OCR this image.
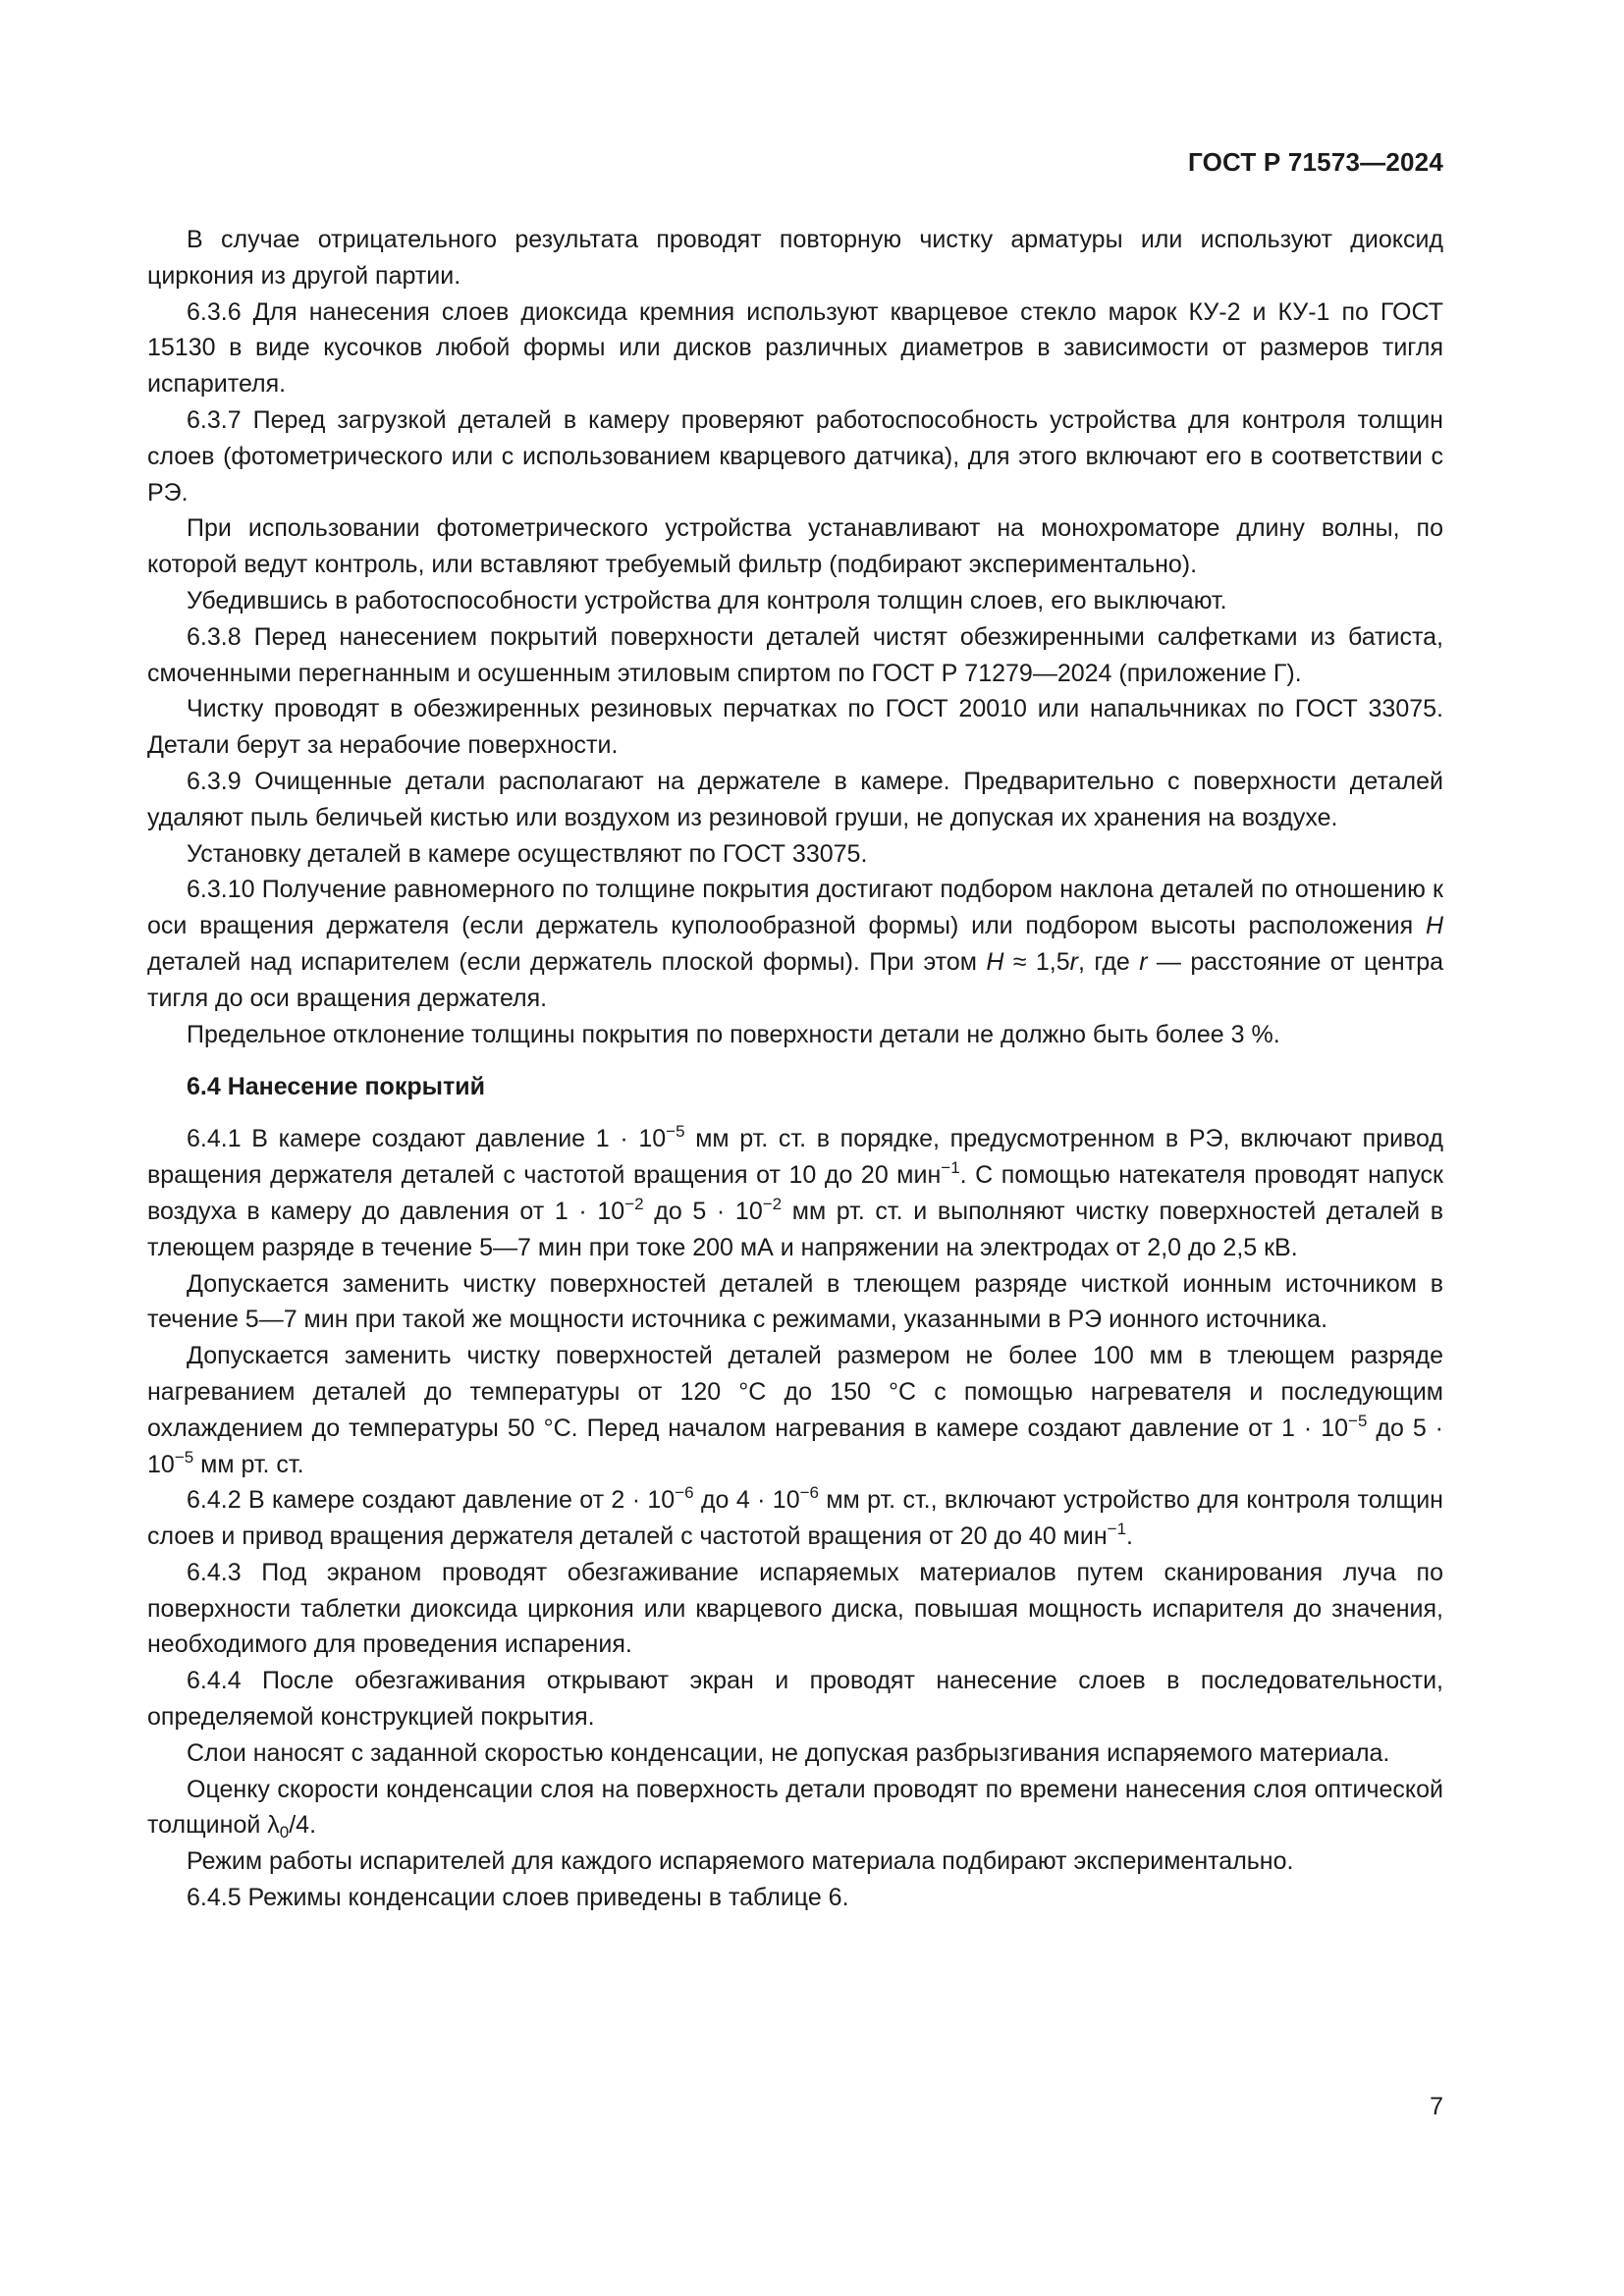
ГОСТ Р 71573—2024

В случае отрицательного результата проводят повторную чистку арматуры или используют диоксид циркония из другой партии.

6.3.6 Для нанесения слоев диоксида кремния используют кварцевое стекло марок КУ-2 и КУ-1 по ГОСТ 15130 в виде кусочков любой формы или дисков различных диаметров в зависимости от размеров тигля испарителя.

6.3.7 Перед загрузкой деталей в камеру проверяют работоспособность устройства для контроля толщин слоев (фотометрического или с использованием кварцевого датчика), для этого включают его в соответствии с РЭ.

При использовании фотометрического устройства устанавливают на монохроматоре длину волны, по которой ведут контроль, или вставляют требуемый фильтр (подбирают экспериментально).

Убедившись в работоспособности устройства для контроля толщин слоев, его выключают.

6.3.8 Перед нанесением покрытий поверхности деталей чистят обезжиренными салфетками из батиста, смоченными перегнанным и осушенным этиловым спиртом по ГОСТ Р 71279—2024 (приложение Г).

Чистку проводят в обезжиренных резиновых перчатках по ГОСТ 20010 или напальчниках по ГОСТ 33075. Детали берут за нерабочие поверхности.

6.3.9 Очищенные детали располагают на держателе в камере. Предварительно с поверхности деталей удаляют пыль беличьей кистью или воздухом из резиновой груши, не допуская их хранения на воздухе.

Установку деталей в камере осуществляют по ГОСТ 33075.

6.3.10 Получение равномерного по толщине покрытия достигают подбором наклона деталей по отношению к оси вращения держателя (если держатель куполообразной формы) или подбором высоты расположения H деталей над испарителем (если держатель плоской формы). При этом H ≈ 1,5r, где r — расстояние от центра тигля до оси вращения держателя.

Предельное отклонение толщины покрытия по поверхности детали не должно быть более 3 %.

6.4 Нанесение покрытий

6.4.1 В камере создают давление $1 \cdot 10^{-5}$ мм рт. ст. в порядке, предусмотренном в РЭ, включают привод вращения держателя деталей с частотой вращения от 10 до 20 мин$^{-1}$. С помощью натекателя проводят напуск воздуха в камеру до давления от $1 \cdot 10^{-2}$ до $5 \cdot 10^{-2}$ мм рт. ст. и выполняют чистку поверхностей деталей в тлеющем разряде в течение 5—7 мин при токе 200 мА и напряжении на электродах от 2,0 до 2,5 кВ.

Допускается заменить чистку поверхностей деталей в тлеющем разряде чисткой ионным источником в течение 5—7 мин при такой же мощности источника с режимами, указанными в РЭ ионного источника.

Допускается заменить чистку поверхностей деталей размером не более 100 мм в тлеющем разряде нагреванием деталей до температуры от 120 °С до 150 °С с помощью нагревателя и последующим охлаждением до температуры 50 °С. Перед началом нагревания в камере создают давление от $1 \cdot 10^{-5}$ до $5 \cdot 10^{-5}$ мм рт. ст.

6.4.2 В камере создают давление от $2 \cdot 10^{-6}$ до $4 \cdot 10^{-6}$ мм рт. ст., включают устройство для контроля толщин слоев и привод вращения держателя деталей с частотой вращения от 20 до 40 мин$^{-1}$.

6.4.3 Под экраном проводят обезгаживание испаряемых материалов путем сканирования луча по поверхности таблетки диоксида циркония или кварцевого диска, повышая мощность испарителя до значения, необходимого для проведения испарения.

6.4.4 После обезгаживания открывают экран и проводят нанесение слоев в последовательности, определяемой конструкцией покрытия.

Слои наносят с заданной скоростью конденсации, не допуская разбрызгивания испаряемого материала.

Оценку скорости конденсации слоя на поверхность детали проводят по времени нанесения слоя оптической толщиной $\lambda_0/4$.

Режим работы испарителей для каждого испаряемого материала подбирают экспериментально.

6.4.5 Режимы конденсации слоев приведены в таблице 6.

7
